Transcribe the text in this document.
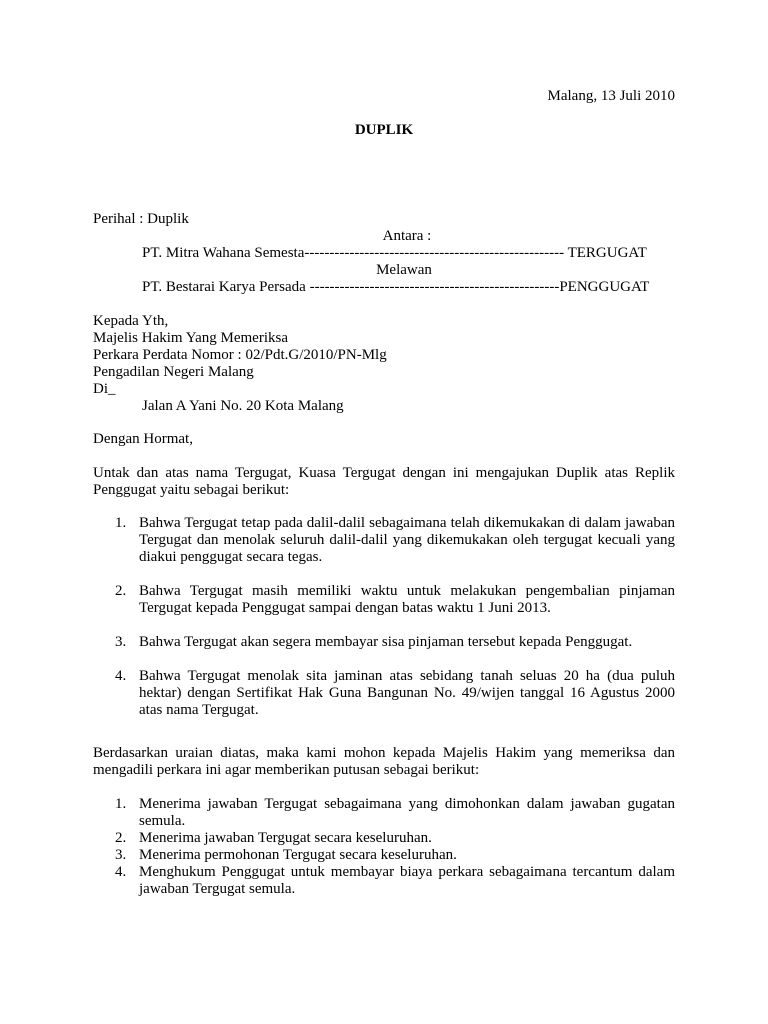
Malang, 13 Juli 2010
DUPLIK
Perihal : Duplik
Antara :
PT. Mitra Wahana Semesta---------------------------------------------------- TERGUGAT
Melawan
PT. Bestarai Karya Persada --------------------------------------------------PENGGUGAT
Kepada Yth,
Majelis Hakim Yang Memeriksa
Perkara Perdata Nomor : 02/Pdt.G/2010/PN-Mlg
Pengadilan Negeri Malang
Di_
Jalan A Yani No. 20 Kota Malang
Dengan Hormat,
Untak dan atas nama Tergugat, Kuasa Tergugat dengan ini mengajukan Duplik atas Replik Penggugat yaitu sebagai berikut:
1. Bahwa Tergugat tetap pada dalil-dalil sebagaimana telah dikemukakan di dalam jawaban Tergugat dan menolak seluruh dalil-dalil yang dikemukakan oleh tergugat kecuali yang diakui penggugat secara tegas.
2. Bahwa Tergugat masih memiliki waktu untuk melakukan pengembalian pinjaman Tergugat kepada Penggugat sampai dengan batas waktu 1 Juni 2013.
3. Bahwa Tergugat akan segera membayar sisa pinjaman tersebut kepada Penggugat.
4. Bahwa Tergugat menolak sita jaminan atas sebidang tanah seluas 20 ha (dua puluh hektar) dengan Sertifikat Hak Guna Bangunan No. 49/wijen tanggal 16 Agustus 2000 atas nama Tergugat.
Berdasarkan uraian diatas, maka kami mohon kepada Majelis Hakim yang memeriksa dan mengadili perkara ini agar memberikan putusan sebagai berikut:
1. Menerima jawaban Tergugat sebagaimana yang dimohonkan dalam jawaban gugatan semula.
2. Menerima jawaban Tergugat secara keseluruhan.
3. Menerima permohonan Tergugat secara keseluruhan.
4. Menghukum Penggugat untuk membayar biaya perkara sebagaimana tercantum dalam jawaban Tergugat semula.
